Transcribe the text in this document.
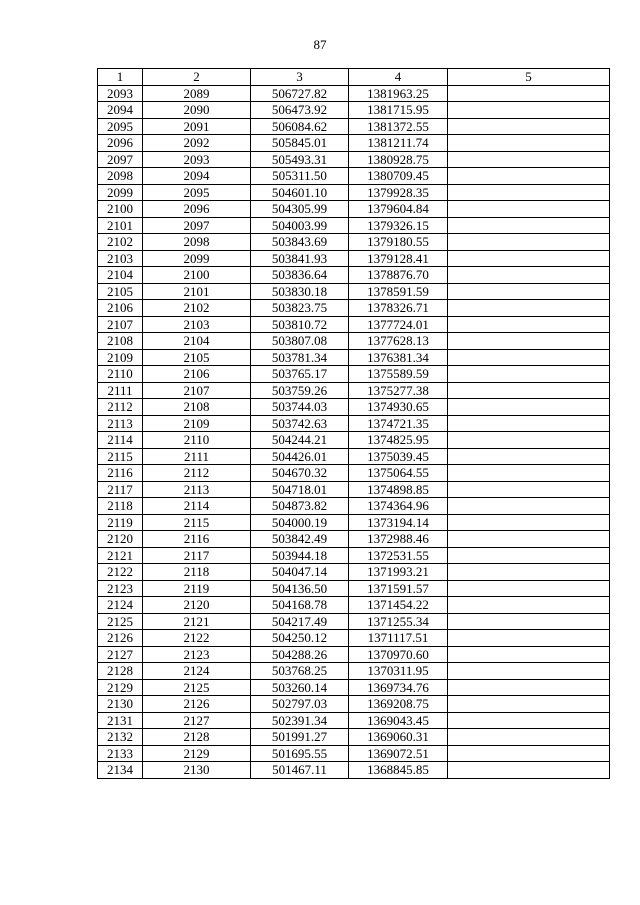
87
1	2	3	4	5
2093	2089	506727.82	1381963.25	
2094	2090	506473.92	1381715.95	
2095	2091	506084.62	1381372.55	
2096	2092	505845.01	1381211.74	
2097	2093	505493.31	1380928.75	
2098	2094	505311.50	1380709.45	
2099	2095	504601.10	1379928.35	
2100	2096	504305.99	1379604.84	
2101	2097	504003.99	1379326.15	
2102	2098	503843.69	1379180.55	
2103	2099	503841.93	1379128.41	
2104	2100	503836.64	1378876.70	
2105	2101	503830.18	1378591.59	
2106	2102	503823.75	1378326.71	
2107	2103	503810.72	1377724.01	
2108	2104	503807.08	1377628.13	
2109	2105	503781.34	1376381.34	
2110	2106	503765.17	1375589.59	
2111	2107	503759.26	1375277.38	
2112	2108	503744.03	1374930.65	
2113	2109	503742.63	1374721.35	
2114	2110	504244.21	1374825.95	
2115	2111	504426.01	1375039.45	
2116	2112	504670.32	1375064.55	
2117	2113	504718.01	1374898.85	
2118	2114	504873.82	1374364.96	
2119	2115	504000.19	1373194.14	
2120	2116	503842.49	1372988.46	
2121	2117	503944.18	1372531.55	
2122	2118	504047.14	1371993.21	
2123	2119	504136.50	1371591.57	
2124	2120	504168.78	1371454.22	
2125	2121	504217.49	1371255.34	
2126	2122	504250.12	1371117.51	
2127	2123	504288.26	1370970.60	
2128	2124	503768.25	1370311.95	
2129	2125	503260.14	1369734.76	
2130	2126	502797.03	1369208.75	
2131	2127	502391.34	1369043.45	
2132	2128	501991.27	1369060.31	
2133	2129	501695.55	1369072.51	
2134	2130	501467.11	1368845.85	
